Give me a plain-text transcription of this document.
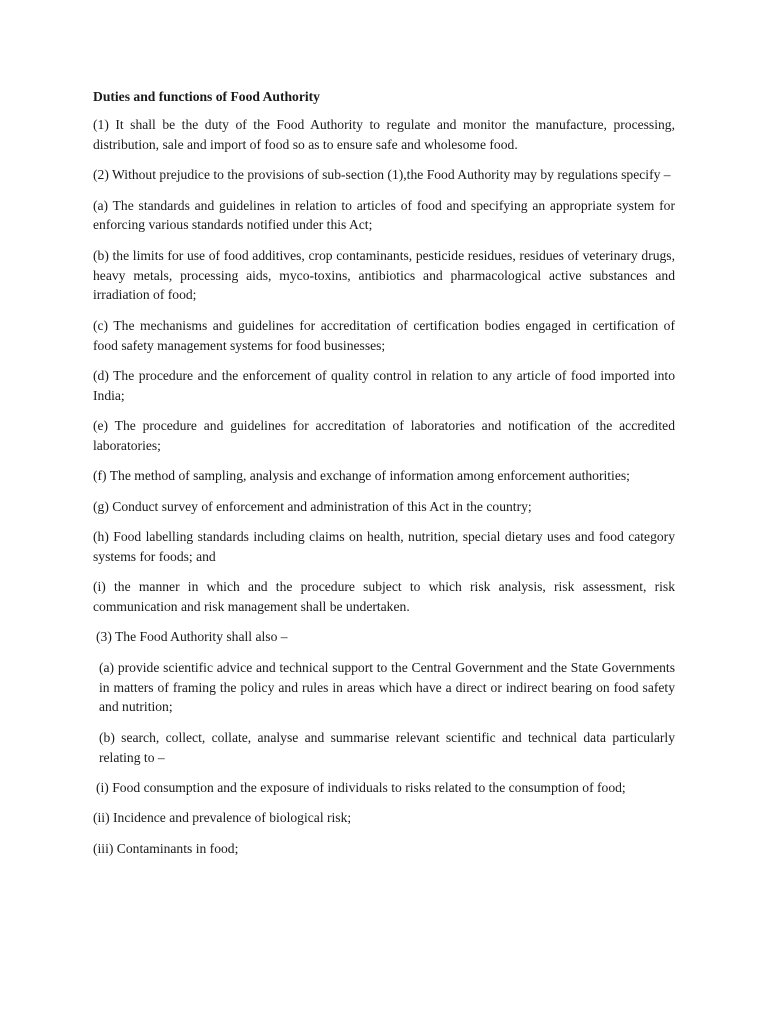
Duties and functions of Food Authority

(1) It shall be the duty of the Food Authority to regulate and monitor the manufacture, processing, distribution, sale and import of food so as to ensure safe and wholesome food.

(2) Without prejudice to the provisions of sub-section (1),the Food Authority may by regulations specify –

(a) The standards and guidelines in relation to articles of food and specifying an appropriate system for enforcing various standards notified under this Act;

(b) the limits for use of food additives, crop contaminants, pesticide residues, residues of veterinary drugs, heavy metals, processing aids, myco-toxins, antibiotics and pharmacological active substances and irradiation of food;

(c) The mechanisms and guidelines for accreditation of certification bodies engaged in certification of food safety management systems for food businesses;

(d) The procedure and the enforcement of quality control in relation to any article of food imported into India;

(e) The procedure and guidelines for accreditation of laboratories and notification of the accredited laboratories;

(f) The method of sampling, analysis and exchange of information among enforcement authorities;

(g) Conduct survey of enforcement and administration of this Act in the country;

(h) Food labelling standards including claims on health, nutrition, special dietary uses and food category systems for foods; and

(i) the manner in which and the procedure subject to which risk analysis, risk assessment, risk communication and risk management shall be undertaken.

(3) The Food Authority shall also –

(a) provide scientific advice and technical support to the Central Government and the State Governments in matters of framing the policy and rules in areas which have a direct or indirect bearing on food safety and nutrition;

(b) search, collect, collate, analyse and summarise relevant scientific and technical data particularly relating to –

(i) Food consumption and the exposure of individuals to risks related to the consumption of food;

(ii) Incidence and prevalence of biological risk;

(iii) Contaminants in food;
